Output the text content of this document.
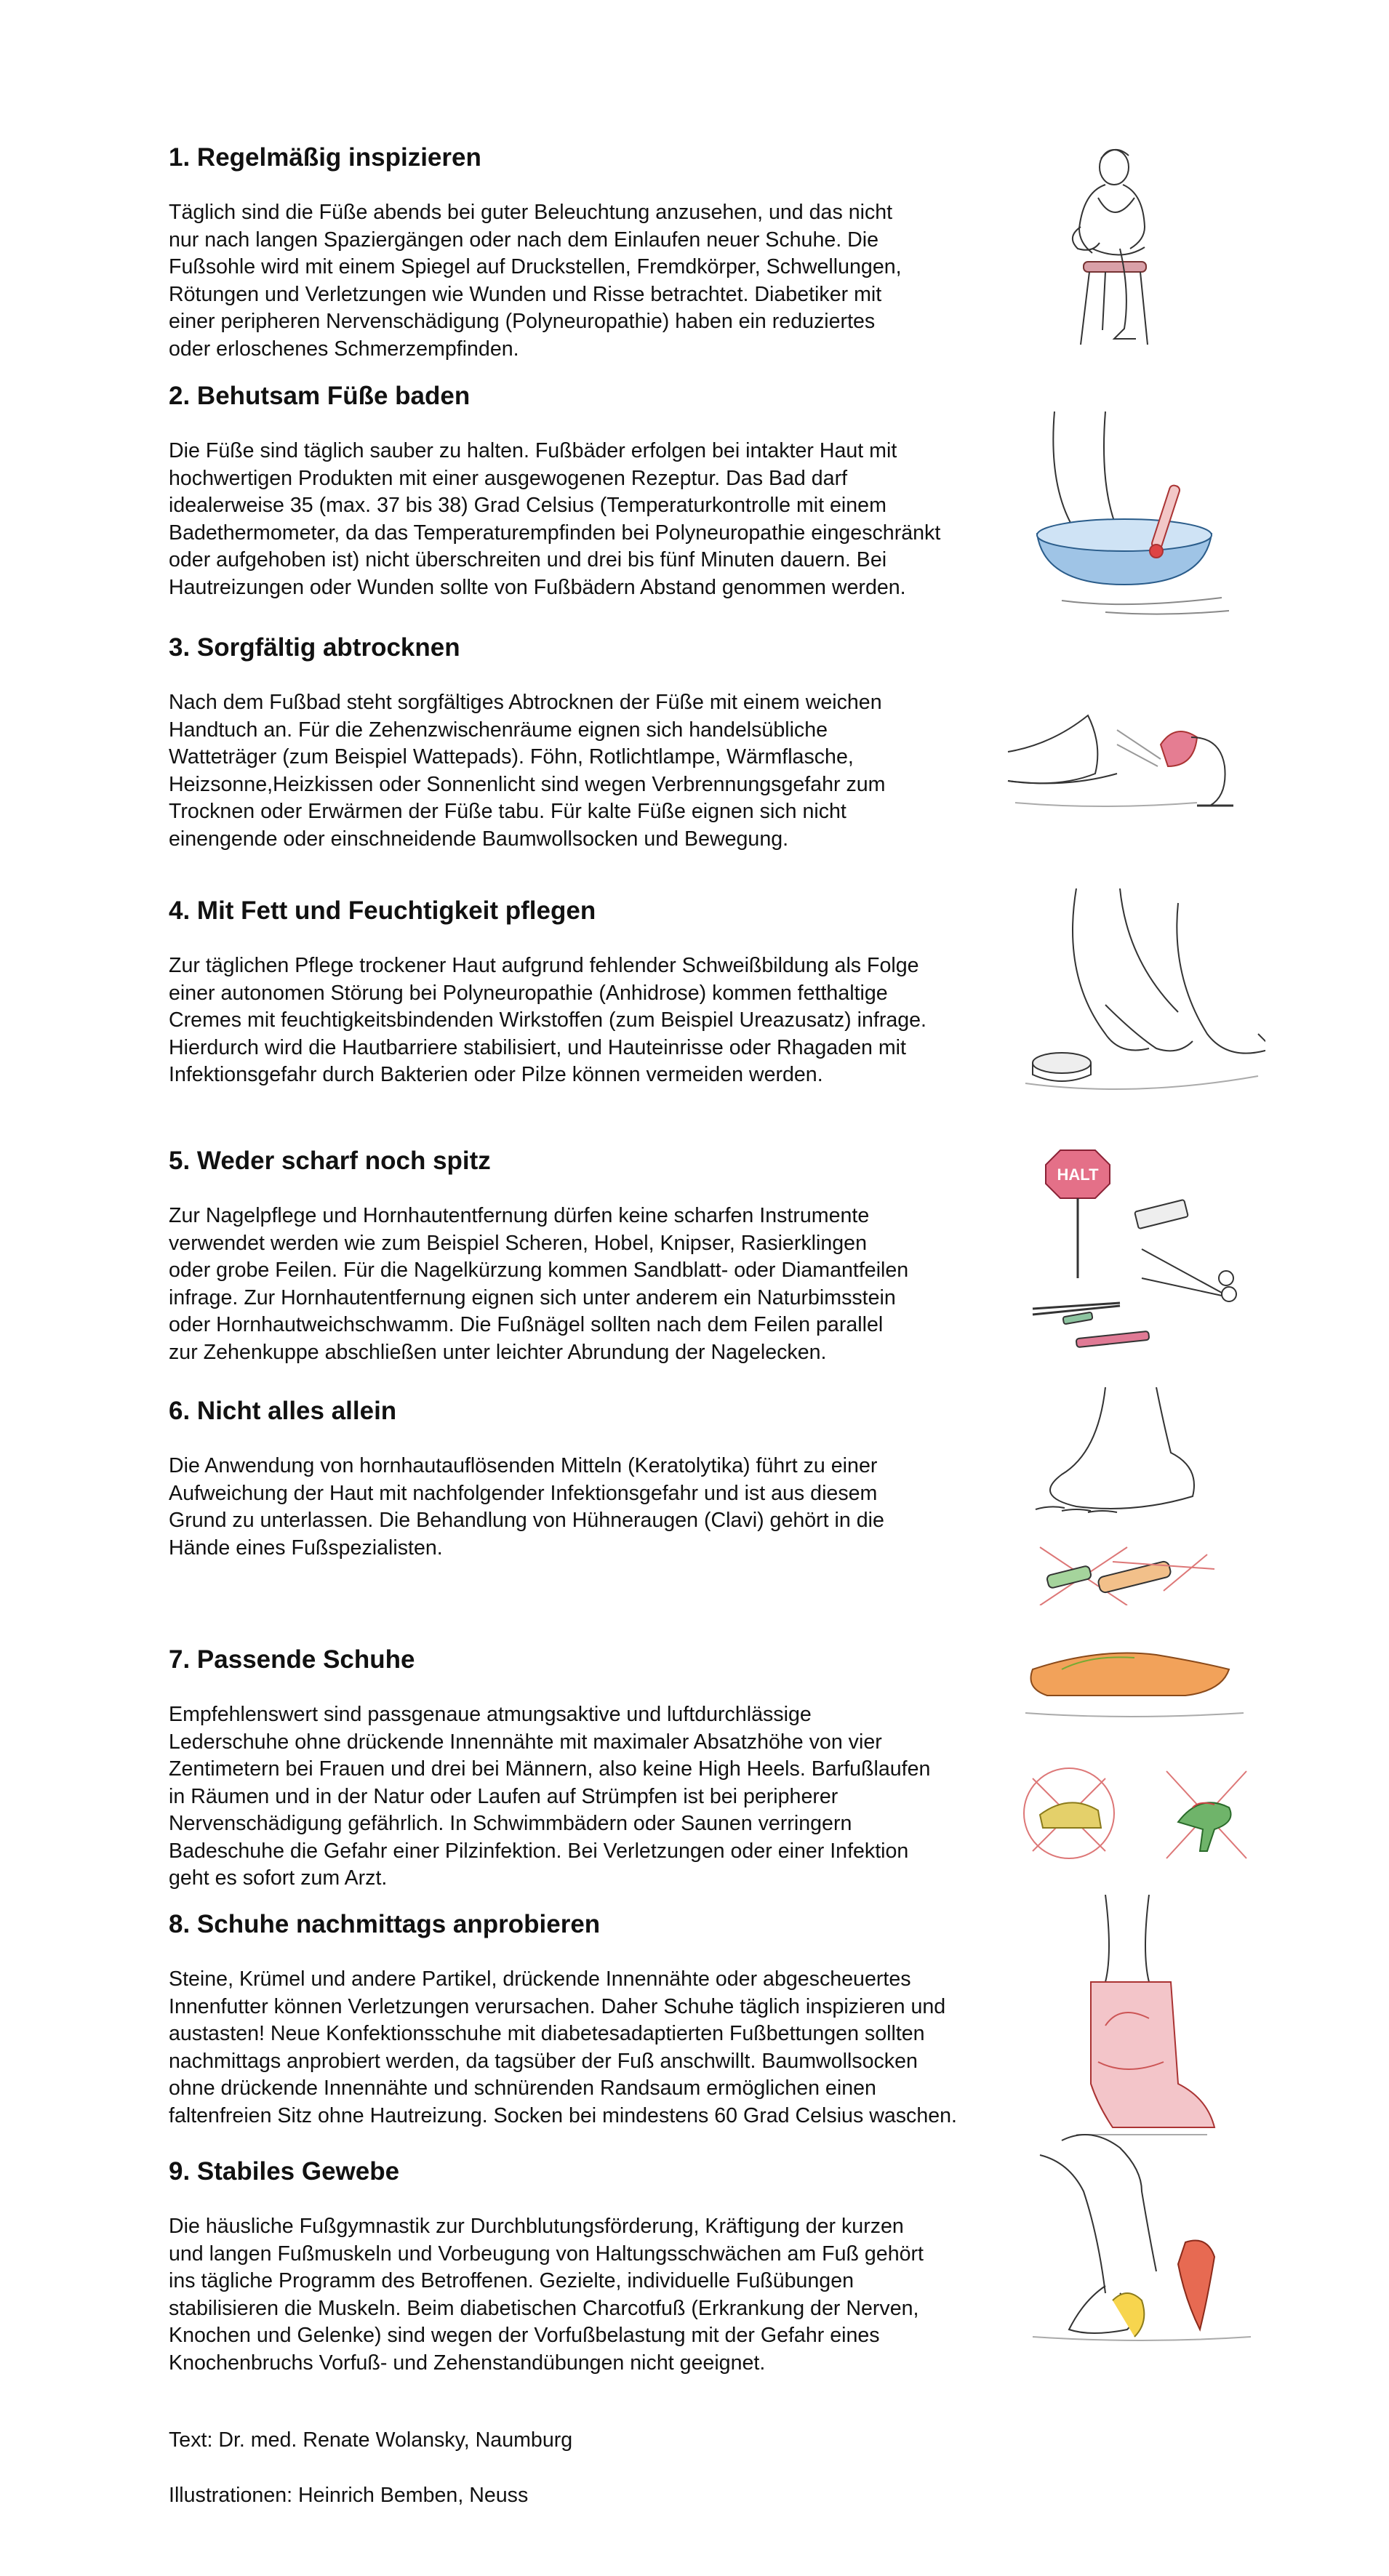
1. Regelmäßig inspizieren

Täglich sind die Füße abends bei guter Beleuchtung anzusehen, und das nicht
nur nach langen Spaziergängen oder nach dem Einlaufen neuer Schuhe. Die
Fußsohle wird mit einem Spiegel auf Druckstellen, Fremdkörper, Schwellungen,
Rötungen und Verletzungen wie Wunden und Risse betrachtet. Diabetiker mit
einer peripheren Nervenschädigung (Polyneuropathie) haben ein reduziertes
oder erloschenes Schmerzempfinden.

2. Behutsam Füße baden

Die Füße sind täglich sauber zu halten. Fußbäder erfolgen bei intakter Haut mit
hochwertigen Produkten mit einer ausgewogenen Rezeptur. Das Bad darf
idealerweise 35 (max. 37 bis 38) Grad Celsius (Temperaturkontrolle mit einem
Badethermometer, da das Temperaturempfinden bei Polyneuropathie eingeschränkt
oder aufgehoben ist) nicht überschreiten und drei bis fünf Minuten dauern. Bei
Hautreizungen oder Wunden sollte von Fußbädern Abstand genommen werden.

3. Sorgfältig abtrocknen

Nach dem Fußbad steht sorgfältiges Abtrocknen der Füße mit einem weichen
Handtuch an. Für die Zehenzwischenräume eignen sich handelsübliche
Watteträger (zum Beispiel Wattepads). Föhn, Rotlichtlampe, Wärmflasche,
Heizsonne,Heizkissen oder Sonnenlicht sind wegen Verbrennungsgefahr zum
Trocknen oder Erwärmen der Füße tabu. Für kalte Füße eignen sich nicht
einengende oder einschneidende Baumwollsocken und Bewegung.

4. Mit Fett und Feuchtigkeit pflegen

Zur täglichen Pflege trockener Haut aufgrund fehlender Schweißbildung als Folge
einer autonomen Störung bei Polyneuropathie (Anhidrose) kommen fetthaltige
Cremes mit feuchtigkeitsbindenden Wirkstoffen (zum Beispiel Ureazusatz) infrage.
Hierdurch wird die Hautbarriere stabilisiert, und Hauteinrisse oder Rhagaden mit
Infektionsgefahr durch Bakterien oder Pilze können vermeiden werden.

5. Weder scharf noch spitz

Zur Nagelpflege und Hornhautentfernung dürfen keine scharfen Instrumente
verwendet werden wie zum Beispiel Scheren, Hobel, Knipser, Rasierklingen
oder grobe Feilen. Für die Nagelkürzung kommen Sandblatt- oder Diamantfeilen
infrage. Zur Hornhautentfernung eignen sich unter anderem ein Naturbimsstein
oder Hornhautweichschwamm. Die Fußnägel sollten nach dem Feilen parallel
zur Zehenkuppe abschließen unter leichter Abrundung der Nagelecken.

6. Nicht alles allein

Die Anwendung von hornhautauflösenden Mitteln (Keratolytika) führt zu einer
Aufweichung der Haut mit nachfolgender Infektionsgefahr und ist aus diesem
Grund zu unterlassen. Die Behandlung von Hühneraugen (Clavi) gehört in die
Hände eines Fußspezialisten.

7. Passende Schuhe

Empfehlenswert sind passgenaue atmungsaktive und luftdurchlässige
Lederschuhe ohne drückende Innennähte mit maximaler Absatzhöhe von vier
Zentimetern bei Frauen und drei bei Männern, also keine High Heels. Barfußlaufen
in Räumen und in der Natur oder Laufen auf Strümpfen ist bei peripherer
Nervenschädigung gefährlich. In Schwimmbädern oder Saunen verringern
Badeschuhe die Gefahr einer Pilzinfektion. Bei Verletzungen oder einer Infektion
geht es sofort zum Arzt.

8. Schuhe nachmittags anprobieren

Steine, Krümel und andere Partikel, drückende Innennähte oder abgescheuertes
Innenfutter können Verletzungen verursachen. Daher Schuhe täglich inspizieren und
austasten! Neue Konfektionsschuhe mit diabetesadaptierten Fußbettungen sollten
nachmittags anprobiert werden, da tagsüber der Fuß anschwillt. Baumwollsocken
ohne drückende Innennähte und schnürenden Randsaum ermöglichen einen
faltenfreien Sitz ohne Hautreizung. Socken bei mindestens 60 Grad Celsius waschen.

9. Stabiles Gewebe

Die häusliche Fußgymnastik zur Durchblutungsförderung, Kräftigung der kurzen
und langen Fußmuskeln und Vorbeugung von Haltungsschwächen am Fuß gehört
ins tägliche Programm des Betroffenen. Gezielte, individuelle Fußübungen
stabilisieren die Muskeln. Beim diabetischen Charcotfuß (Erkrankung der Nerven,
Knochen und Gelenke) sind wegen der Vorfußbelastung mit der Gefahr eines
Knochenbruchs Vorfuß- und Zehenstandübungen nicht geeignet.

Text: Dr. med. Renate Wolansky, Naumburg
Illustrationen: Heinrich Bemben, Neuss
HALT
